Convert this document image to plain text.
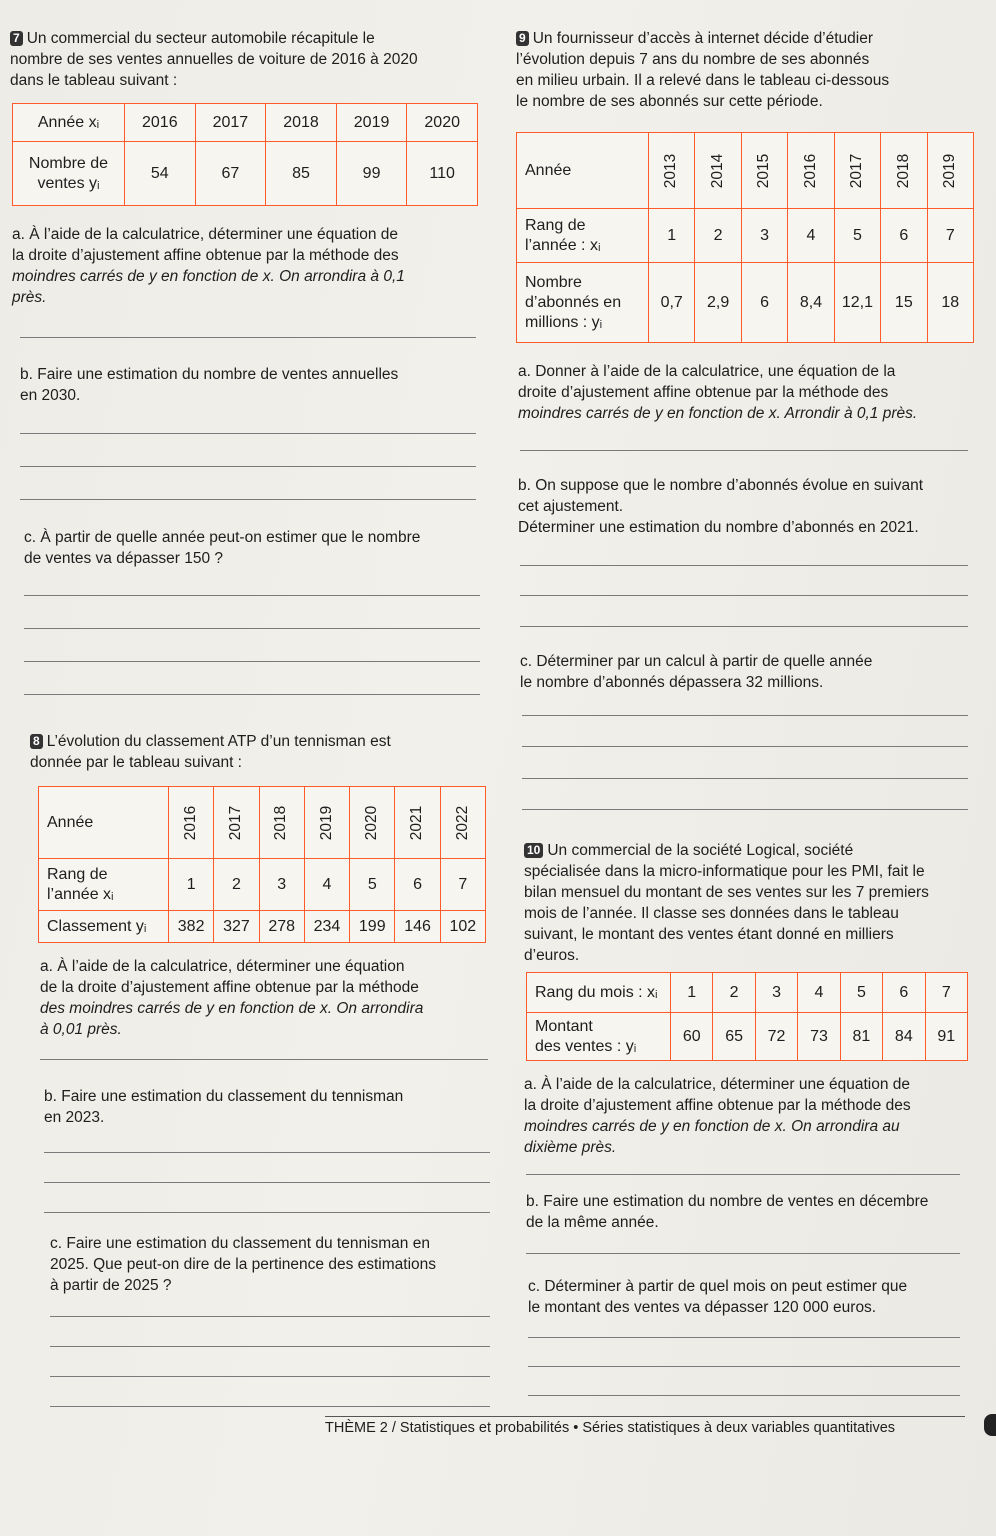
7 Un commercial du secteur automobile récapitule le
nombre de ses ventes annuelles de voiture de 2016 à 2020
dans le tableau suivant :
Année xᵢ	2016	2017	2018	2019	2020

Nombre de
ventes yᵢ	54	67	85	99	110
a. À l’aide de la calculatrice, déterminer une équation de
la droite d’ajustement affine obtenue par la méthode des
moindres carrés de y en fonction de x. On arrondira à 0,1
près.
b. Faire une estimation du nombre de ventes annuelles
en 2030.
c. À partir de quelle année peut-on estimer que le nombre
de ventes va dépasser 150 ?
8 L’évolution du classement ATP d’un tennisman est
donnée par le tableau suivant :
Année	2016	2017	2018	2019	2020	2021	2022

Rang de
l’année xᵢ	1	2	3	4	5	6	7
Classement yᵢ	382	327	278	234	199	146	102
a. À l’aide de la calculatrice, déterminer une équation
de la droite d’ajustement affine obtenue par la méthode
des moindres carrés de y en fonction de x. On arrondira
à 0,01 près.
b. Faire une estimation du classement du tennisman
en 2023.
c. Faire une estimation du classement du tennisman en
2025. Que peut-on dire de la pertinence des estimations
à partir de 2025 ?
9 Un fournisseur d’accès à internet décide d’étudier
l’évolution depuis 7 ans du nombre de ses abonnés
en milieu urbain. Il a relevé dans le tableau ci-dessous
le nombre de ses abonnés sur cette période.
Année	2013	2014	2015	2016	2017	2018	2019

Rang de
l’année : xᵢ	1	2	3	4	5	6	7

Nombre
d’abonnés en
millions : yᵢ	0,7	2,9	6	8,4	12,1	15	18
a. Donner à l’aide de la calculatrice, une équation de la
droite d’ajustement affine obtenue par la méthode des
moindres carrés de y en fonction de x. Arrondir à 0,1 près.
b. On suppose que le nombre d’abonnés évolue en suivant
cet ajustement.
Déterminer une estimation du nombre d’abonnés en 2021.
c. Déterminer par un calcul à partir de quelle année
le nombre d’abonnés dépassera 32 millions.
10 Un commercial de la société Logical, société
spécialisée dans la micro-informatique pour les PMI, fait le
bilan mensuel du montant de ses ventes sur les 7 premiers
mois de l’année. Il classe ses données dans le tableau
suivant, le montant des ventes étant donné en milliers
d’euros.
Rang du mois : xᵢ	1	2	3	4	5	6	7

Montant
des ventes : yᵢ	60	65	72	73	81	84	91
a. À l’aide de la calculatrice, déterminer une équation de
la droite d’ajustement affine obtenue par la méthode des
moindres carrés de y en fonction de x. On arrondira au
dixième près.
b. Faire une estimation du nombre de ventes en décembre
de la même année.
c. Déterminer à partir de quel mois on peut estimer que
le montant des ventes va dépasser 120 000 euros.
THÈME 2 / Statistiques et probabilités • Séries statistiques à deux variables quantitatives
